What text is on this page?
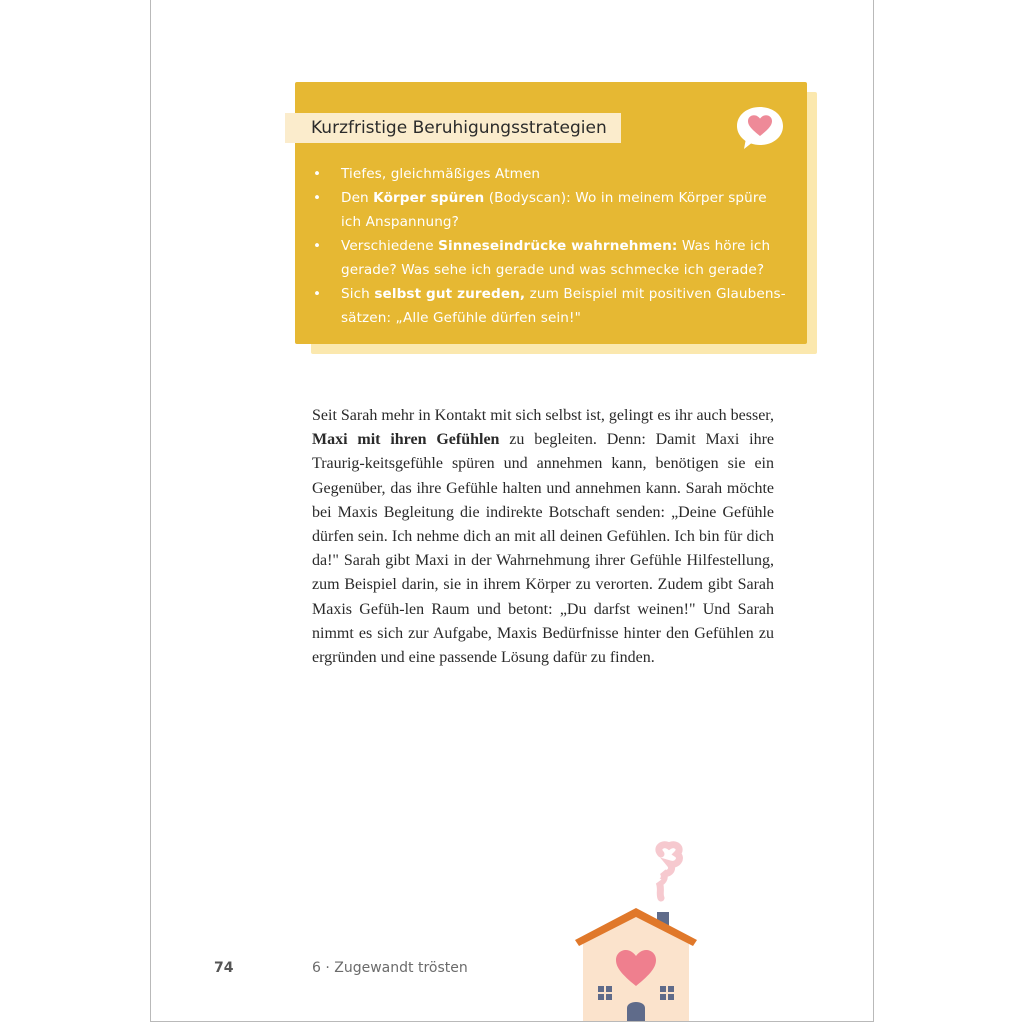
Kurzfristige Beruhigungsstrategien
• Tiefes, gleichmäßiges Atmen
• Den Körper spüren (Bodyscan): Wo in meinem Körper spüre ich Anspannung?
• Verschiedene Sinneseindrücke wahrnehmen: Was höre ich gerade? Was sehe ich gerade und was schmecke ich gerade?
• Sich selbst gut zureden, zum Beispiel mit positiven Glaubens-sätzen: „Alle Gefühle dürfen sein!"

Seit Sarah mehr in Kontakt mit sich selbst ist, gelingt es ihr auch besser, Maxi mit ihren Gefühlen zu begleiten. Denn: Damit Maxi ihre Traurig-keitsgefühle spüren und annehmen kann, benötigen sie ein Gegenüber, das ihre Gefühle halten und annehmen kann. Sarah möchte bei Maxis Begleitung die indirekte Botschaft senden: „Deine Gefühle dürfen sein. Ich nehme dich an mit all deinen Gefühlen. Ich bin für dich da!" Sarah gibt Maxi in der Wahrnehmung ihrer Gefühle Hilfestellung, zum Beispiel darin, sie in ihrem Körper zu verorten. Zudem gibt Sarah Maxis Gefüh-len Raum und betont: „Du darfst weinen!" Und Sarah nimmt es sich zur Aufgabe, Maxis Bedürfnisse hinter den Gefühlen zu ergründen und eine passende Lösung dafür zu finden.

74	6 · Zugewandt trösten
